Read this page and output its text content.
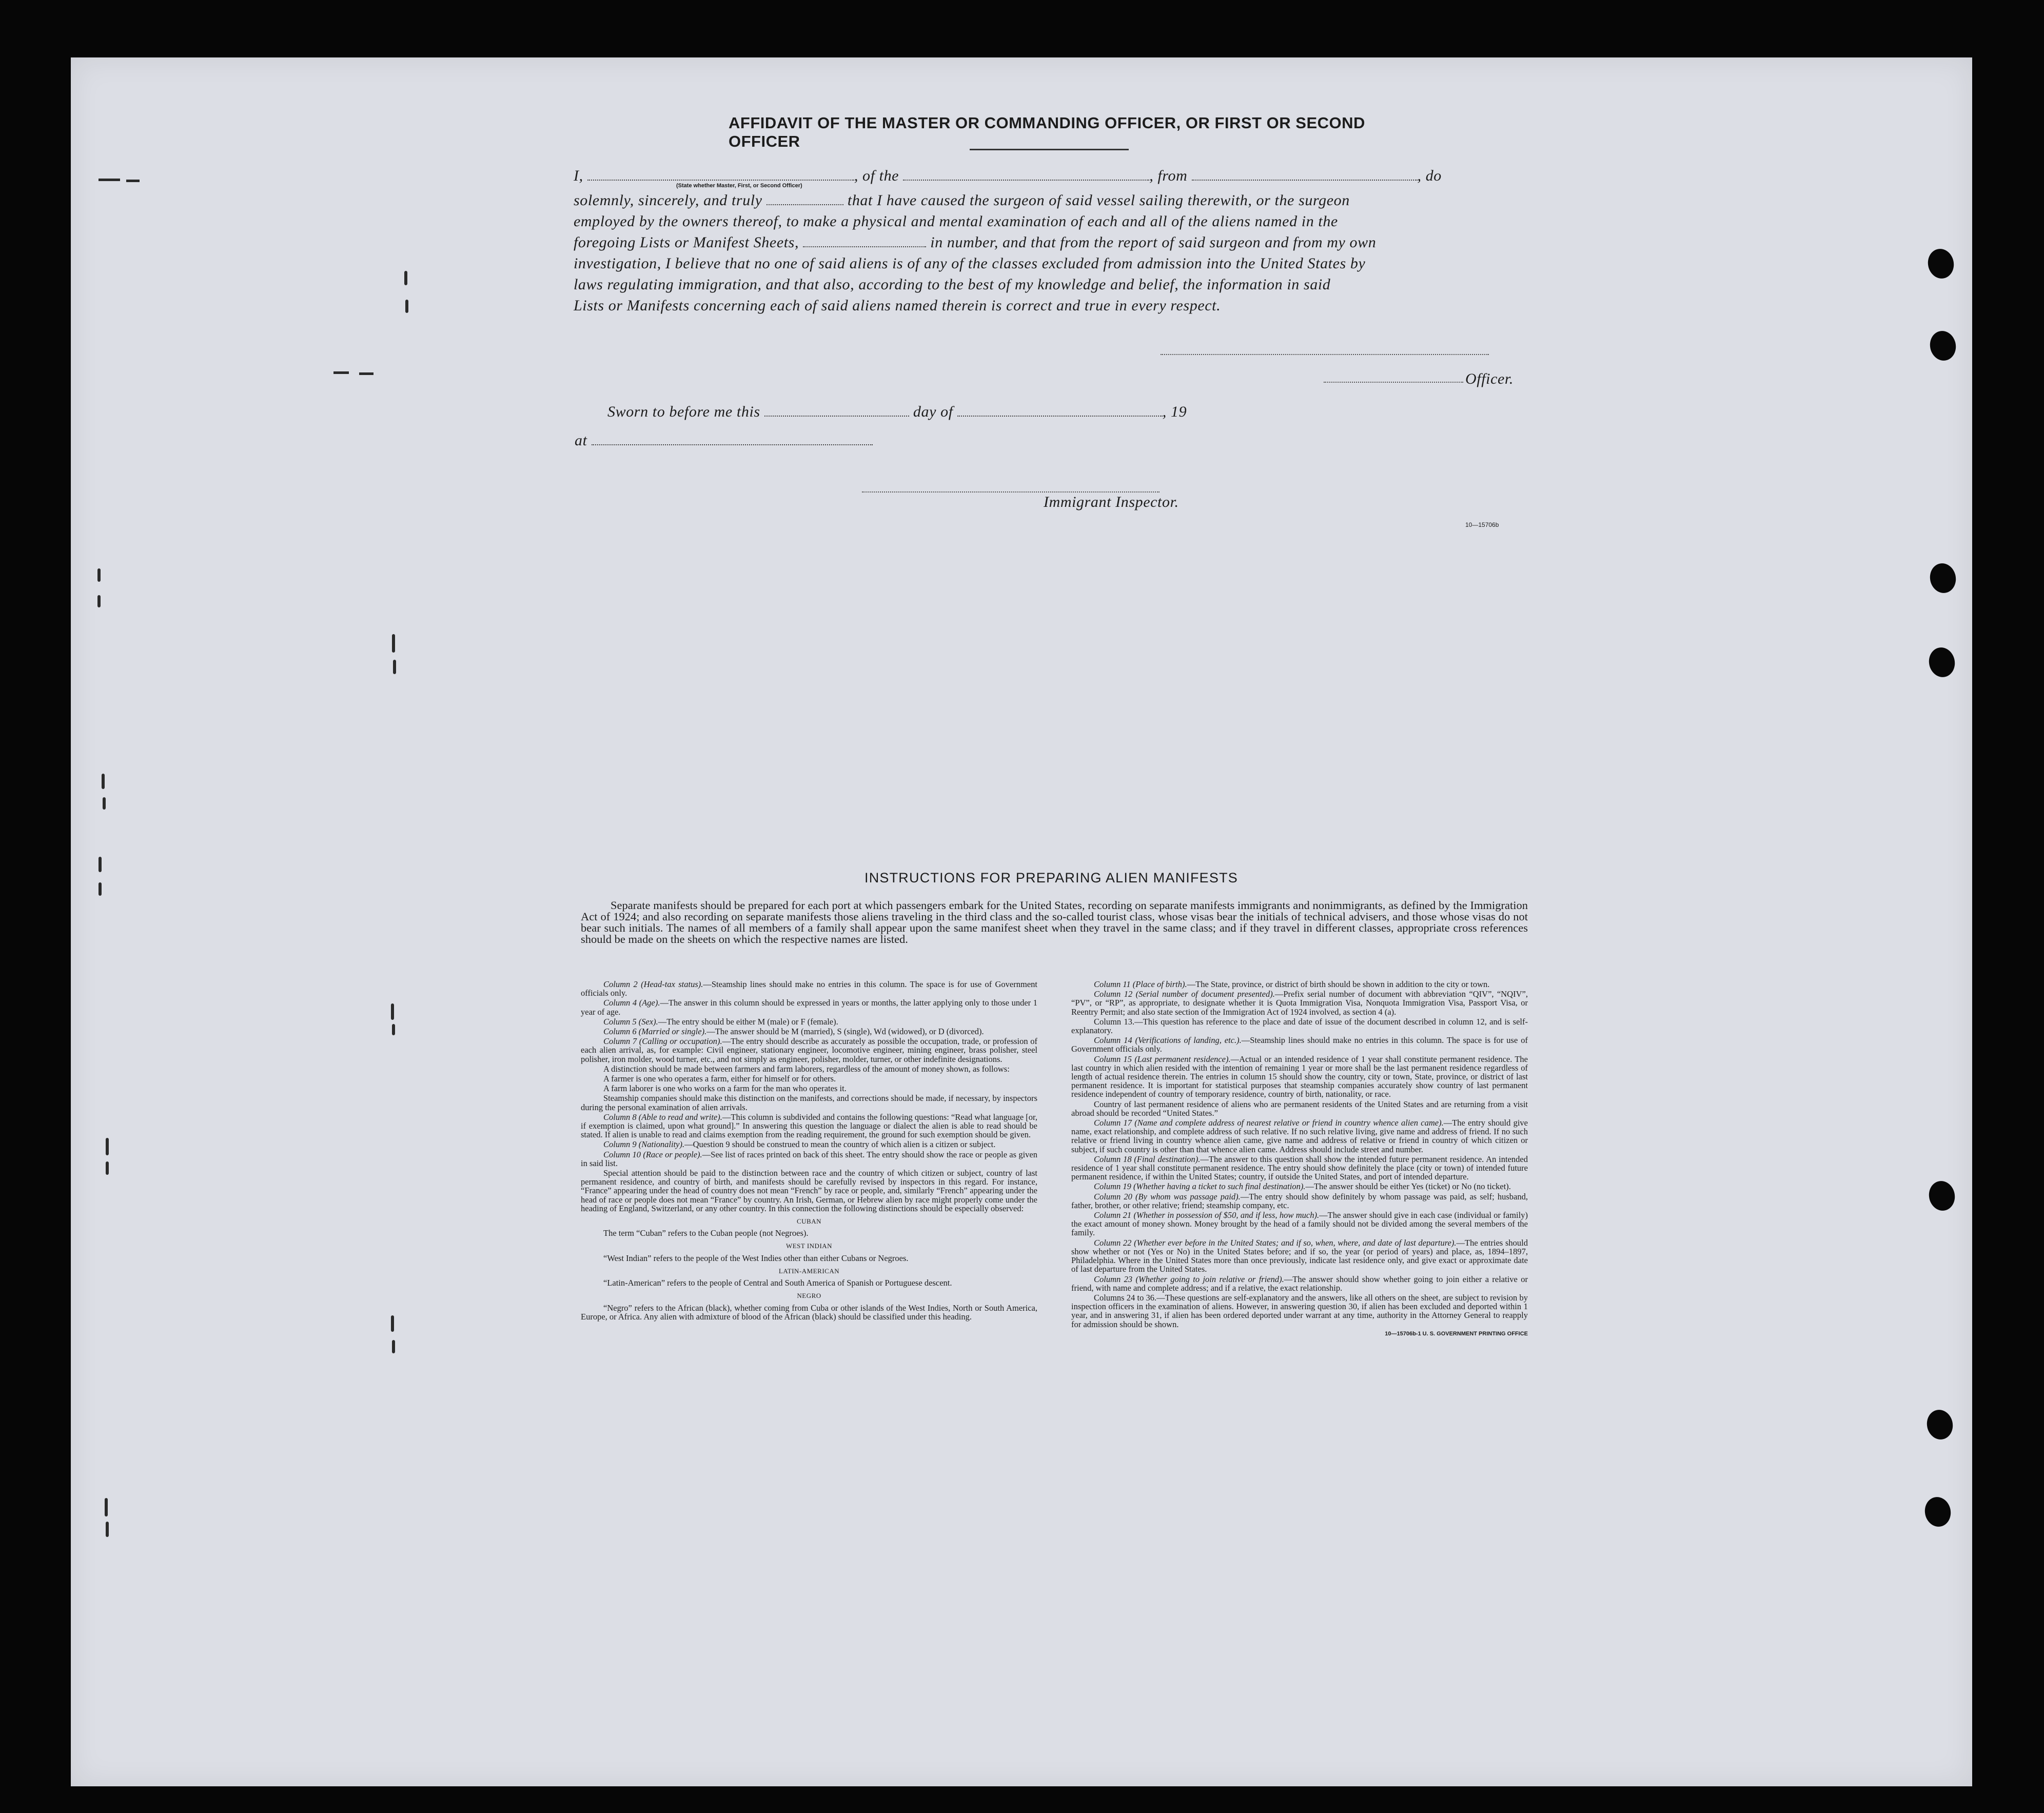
AFFIDAVIT OF THE MASTER OR COMMANDING OFFICER, OR FIRST OR SECOND OFFICER
I,	, of the	, from	, do
(State whether Master, First, or Second Officer)
solemnly, sincerely, and truly	that I have caused the surgeon of said vessel sailing therewith, or the surgeon
employed by the owners thereof, to make a physical and mental examination of each and all of the aliens named in the
foregoing Lists or Manifest Sheets,	in number, and that from the report of said surgeon and from my own
investigation, I believe that no one of said aliens is of any of the classes excluded from admission into the United States by
laws regulating immigration, and that also, according to the best of my knowledge and belief, the information in said
Lists or Manifests concerning each of said aliens named therein is correct and true in every respect.
Officer.
Sworn to before me this	day of	, 19
at
Immigrant Inspector.
10—15706b
INSTRUCTIONS FOR PREPARING ALIEN MANIFESTS
Separate manifests should be prepared for each port at which passengers embark for the United States, recording on separate manifests immigrants and nonimmigrants, as defined by the Immigration Act of 1924; and also recording on separate manifests those aliens traveling in the third class and the so-called tourist class, whose visas bear the initials of technical advisers, and those whose visas do not bear such initials. The names of all members of a family shall appear upon the same manifest sheet when they travel in the same class; and if they travel in different classes, appropriate cross references should be made on the sheets on which the respective names are listed.

Column 2 (Head-tax status).—Steamship lines should make no entries in this column. The space is for use of Government officials only.

Column 4 (Age).—The answer in this column should be expressed in years or months, the latter applying only to those under 1 year of age.

Column 5 (Sex).—The entry should be either M (male) or F (female).

Column 6 (Married or single).—The answer should be M (married), S (single), Wd (widowed), or D (divorced).

Column 7 (Calling or occupation).—The entry should describe as accurately as possible the occupation, trade, or profession of each alien arrival, as, for example: Civil engineer, stationary engineer, locomotive engineer, mining engineer, brass polisher, steel polisher, iron molder, wood turner, etc., and not simply as engineer, polisher, molder, turner, or other indefinite designations.

A distinction should be made between farmers and farm laborers, regardless of the amount of money shown, as follows:

A farmer is one who operates a farm, either for himself or for others.

A farm laborer is one who works on a farm for the man who operates it.

Steamship companies should make this distinction on the manifests, and corrections should be made, if necessary, by inspectors during the personal examination of alien arrivals.

Column 8 (Able to read and write).—This column is subdivided and contains the following questions: “Read what language [or, if exemption is claimed, upon what ground].” In answering this question the language or dialect the alien is able to read should be stated. If alien is unable to read and claims exemption from the reading requirement, the ground for such exemption should be given.

Column 9 (Nationality).—Question 9 should be construed to mean the country of which alien is a citizen or subject.

Column 10 (Race or people).—See list of races printed on back of this sheet. The entry should show the race or people as given in said list.

Special attention should be paid to the distinction between race and the country of which citizen or subject, country of last permanent residence, and country of birth, and manifests should be carefully revised by inspectors in this regard. For instance, “France” appearing under the head of country does not mean “French” by race or people, and, similarly “French” appearing under the head of race or people does not mean “France” by country. An Irish, German, or Hebrew alien by race might properly come under the heading of England, Switzerland, or any other country. In this connection the following distinctions should be especially observed:

CUBAN

The term “Cuban” refers to the Cuban people (not Negroes).

WEST INDIAN

“West Indian” refers to the people of the West Indies other than either Cubans or Negroes.

LATIN-AMERICAN

“Latin-American” refers to the people of Central and South America of Spanish or Portuguese descent.

NEGRO

“Negro” refers to the African (black), whether coming from Cuba or other islands of the West Indies, North or South America, Europe, or Africa. Any alien with admixture of blood of the African (black) should be classified under this heading.

Column 11 (Place of birth).—The State, province, or district of birth should be shown in addition to the city or town.

Column 12 (Serial number of document presented).—Prefix serial number of document with abbreviation “QIV”, “NQIV”, “PV”, or “RP”, as appropriate, to designate whether it is Quota Immigration Visa, Nonquota Immigration Visa, Passport Visa, or Reentry Permit; and also state section of the Immigration Act of 1924 involved, as section 4 (a).

Column 13.—This question has reference to the place and date of issue of the document described in column 12, and is self-explanatory.

Column 14 (Verifications of landing, etc.).—Steamship lines should make no entries in this column. The space is for use of Government officials only.

Column 15 (Last permanent residence).—Actual or an intended residence of 1 year shall constitute permanent residence. The last country in which alien resided with the intention of remaining 1 year or more shall be the last permanent residence regardless of length of actual residence therein. The entries in column 15 should show the country, city or town, State, province, or district of last permanent residence. It is important for statistical purposes that steamship companies accurately show country of last permanent residence independent of country of temporary residence, country of birth, nationality, or race.

Country of last permanent residence of aliens who are permanent residents of the United States and are returning from a visit abroad should be recorded “United States.”

Column 17 (Name and complete address of nearest relative or friend in country whence alien came).—The entry should give name, exact relationship, and complete address of such relative. If no such relative living, give name and address of friend. If no such relative or friend living in country whence alien came, give name and address of relative or friend in country of which citizen or subject, if such country is other than that whence alien came. Address should include street and number.

Column 18 (Final destination).—The answer to this question shall show the intended future permanent residence. An intended residence of 1 year shall constitute permanent residence. The entry should show definitely the place (city or town) of intended future permanent residence, if within the United States; country, if outside the United States, and port of intended departure.

Column 19 (Whether having a ticket to such final destination).—The answer should be either Yes (ticket) or No (no ticket).

Column 20 (By whom was passage paid).—The entry should show definitely by whom passage was paid, as self; husband, father, brother, or other relative; friend; steamship company, etc.

Column 21 (Whether in possession of $50, and if less, how much).—The answer should give in each case (individual or family) the exact amount of money shown. Money brought by the head of a family should not be divided among the several members of the family.

Column 22 (Whether ever before in the United States; and if so, when, where, and date of last departure).—The entries should show whether or not (Yes or No) in the United States before; and if so, the year (or period of years) and place, as, 1894–1897, Philadelphia. Where in the United States more than once previously, indicate last residence only, and give exact or approximate date of last departure from the United States.

Column 23 (Whether going to join relative or friend).—The answer should show whether going to join either a relative or friend, with name and complete address; and if a relative, the exact relationship.

Columns 24 to 36.—These questions are self-explanatory and the answers, like all others on the sheet, are subject to revision by inspection officers in the examination of aliens. However, in answering question 30, if alien has been excluded and deported within 1 year, and in answering 31, if alien has been ordered deported under warrant at any time, authority in the Attorney General to reapply for admission should be shown.

10—15706b-1 U. S. GOVERNMENT PRINTING OFFICE
